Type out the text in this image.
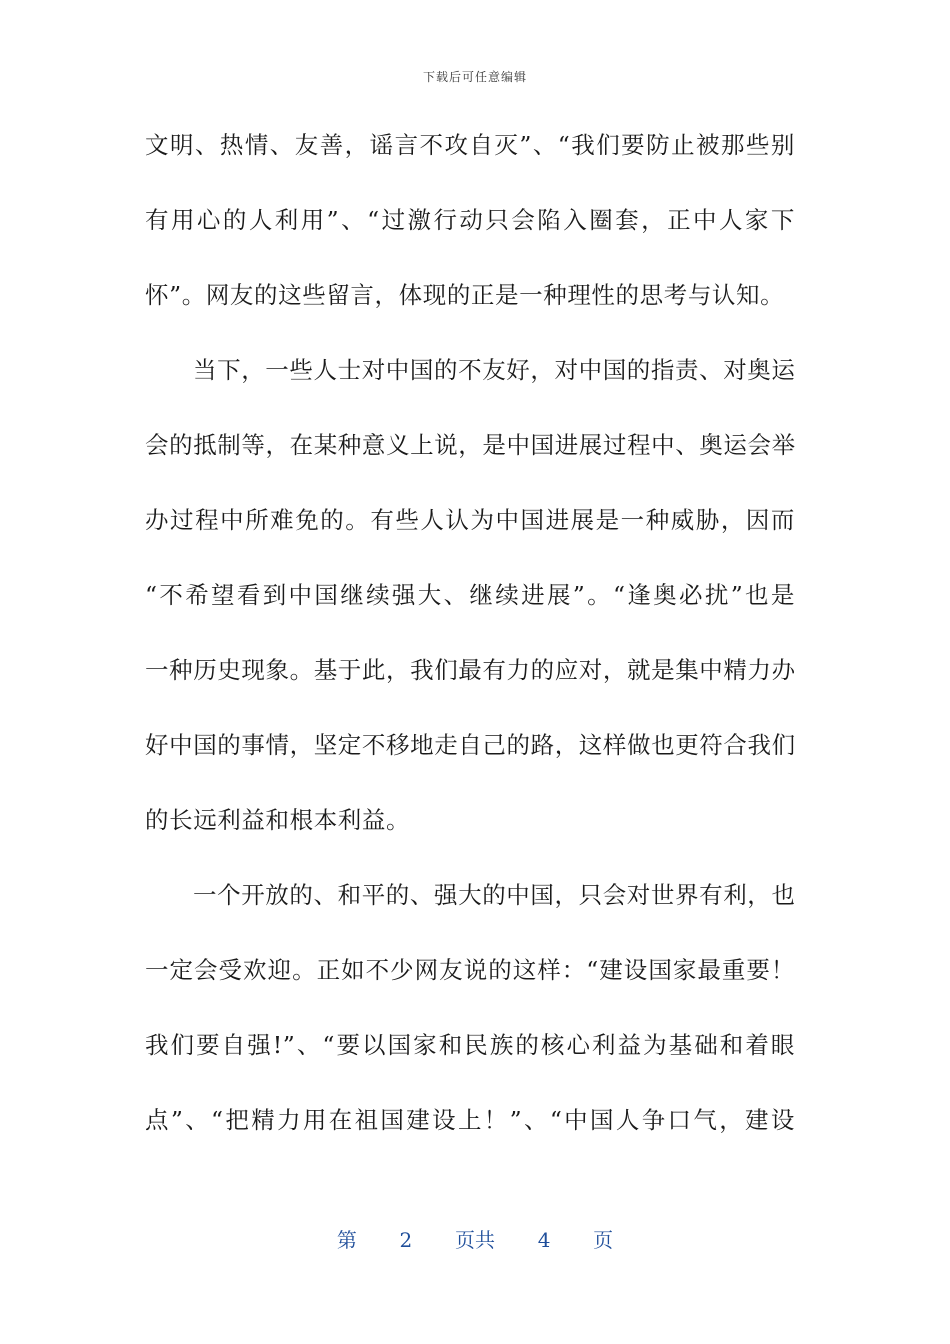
下载后可任意编辑
文明、热情、友善，谣言不攻自灭”、“我们要防止被那些别
有用心的人利用”、“过激行动只会陷入圈套，正中人家下
怀”。网友的这些留言，体现的正是一种理性的思考与认知。
当下，一些人士对中国的不友好，对中国的指责、对奥运
会的抵制等，在某种意义上说，是中国进展过程中、奥运会举
办过程中所难免的。有些人认为中国进展是一种威胁，因而
“不希望看到中国继续强大、继续进展”。“逢奥必扰”也是
一种历史现象。基于此，我们最有力的应对，就是集中精力办
好中国的事情，坚定不移地走自己的路，这样做也更符合我们
的长远利益和根本利益。
一个开放的、和平的、强大的中国，只会对世界有利，也
一定会受欢迎。正如不少网友说的这样：“建设国家最重要！
我们要自强!”、“要以国家和民族的核心利益为基础和着眼
点”、“把精力用在祖国建设上！”、“中国人争口气，建设
第 2 页共 4 页
